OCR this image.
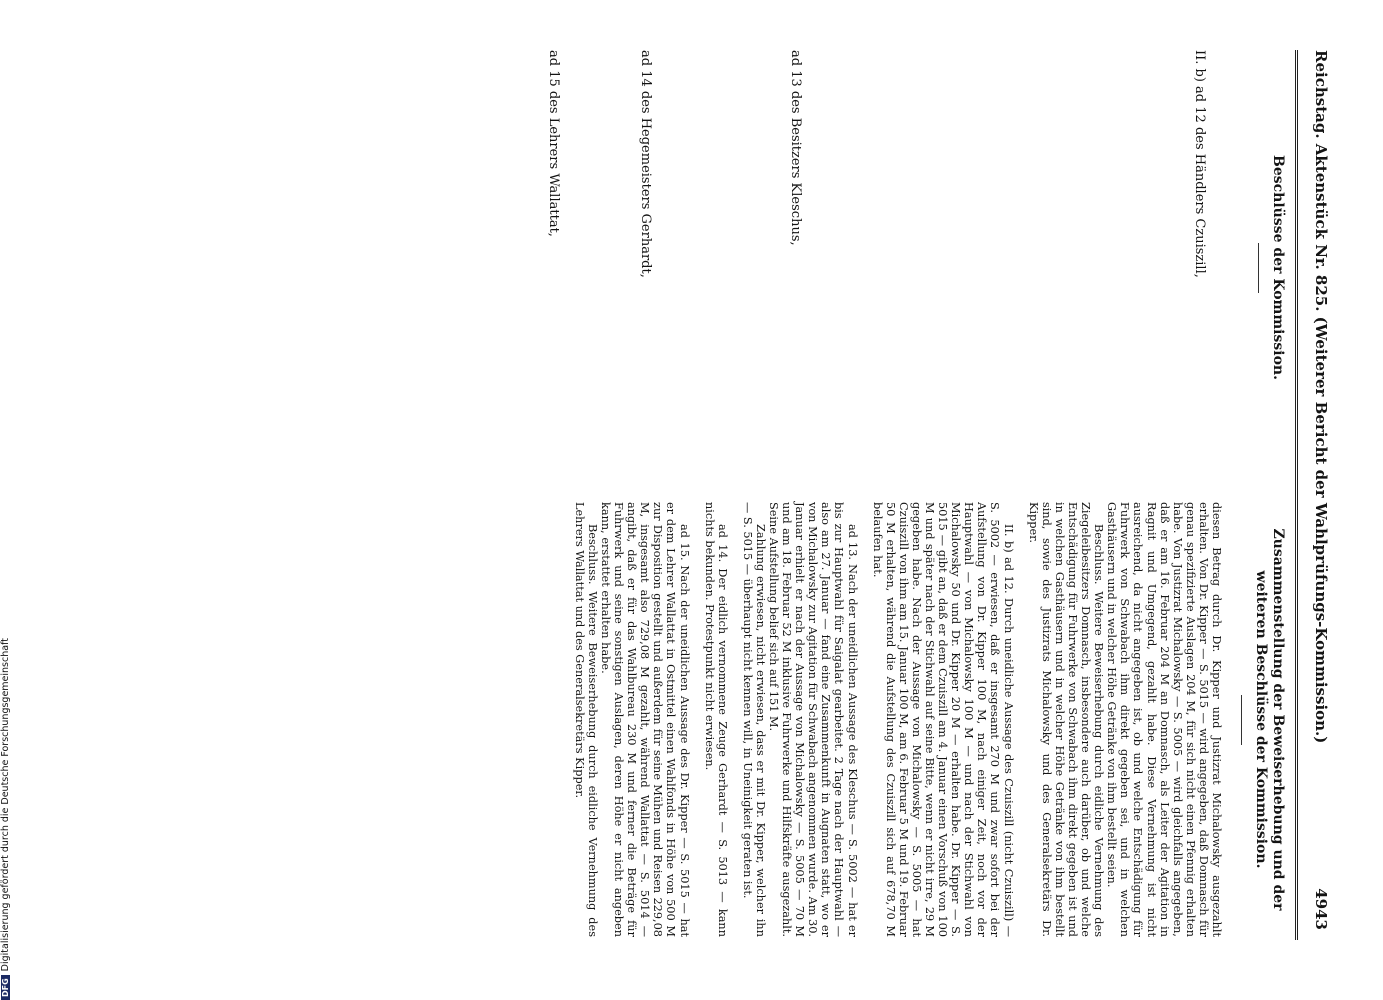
Reichstag. Aktenstück Nr. 825. (Weiterer Bericht der Wahlprüfungs-Kommission.)
4943
Beschlüsse der Kommission.
II. b) ad 12 des Händlers Czuiszill,
ad 13 des Besitzers Kleschus,
ad 14 des Hegemeisters Gerhardt,
ad 15 des Lehrers Wallattat,
Zusammenstellung der Beweiserhebung und der weiteren Beschlüsse der Kommission.

diesen Betrag durch Dr. Kipper und Justizrat Michalowsky ausgezahlt erhalten. Von Dr. Kipper — S. 5015 — wird angegeben, daß Domnasch für genau spezifizierte Auslagen 204 M, für sich nicht einen Pfennig erhalten habe. Von Justizrat Michalowsky — S. 5005 — wird gleichfalls angegeben, daß er am 16. Februar 204 M an Domnasch, als Leiter der Agitation in Ragnit und Umgegend, gezahlt habe. Diese Vernehmung ist nicht ausreichend, da nicht angegeben ist, ob und welche Entschädigung für Fuhrwerk von Schwabach ihm direkt gegeben sei, und in welchen Gasthäusern und in welcher Höhe Getränke von ihm bestellt seien.

Beschluss. Weitere Beweiserhebung durch eidliche Vernehmung des Ziegeleibesitzers Domnasch, insbesondere auch darüber, ob und welche Entschädigung für Fuhrwerke von Schwabach ihm direkt gegeben ist und in welchen Gasthäusern und in welcher Höhe Getränke von ihm bestellt sind, sowie des Justizrats Michalowsky und des Generalsekretärs Dr. Kipper.

II. b) ad 12. Durch uneidliche Aussage des Czuiszill (nicht Czuiszill) — S. 5002 — erwiesen, daß er insgesamt 270 M und zwar sofort bei der Aufstellung von Dr. Kipper 100 M, nach einiger Zeit, noch vor der Hauptwahl — von Michalowsky 100 M — und nach der Stichwahl von Michalowsky 50 und Dr. Kipper 20 M — erhalten habe. Dr. Kipper — S. 5015 — gibt an, daß er dem Czuiszill am 4. Januar einen Vorschuß von 100 M und später nach der Stichwahl auf seine Bitte, wenn er nicht irre, 29 M gegeben habe. Nach der Aussage von Michalowsky — S. 5005 — hat Czuiszill von ihm am 15. Januar 100 M, am 6. Februar 5 M und 19. Februar 50 M erhalten, während die Aufstellung des Czuiszill sich auf 678,70 M belaufen hat.

ad 13. Nach der uneidlichen Aussage des Kleschus — S. 5002 — hat er bis zur Hauptwahl für Saigalat gearbeitet. 2 Tage nach der Hauptwahl — also am 27. Januar — fand eine Zusammenkunft in Augnaten statt, wo er von Michalowsky zur Agitation für Schwabach angenommen wurde. Am 30. Januar erhielt er nach der Aussage von Michalowsky — S. 5005 — 70 M und am 18. Februar 52 M inklusive Fuhrwerke und Hilfskräfte ausgezahlt. Seine Aufstellung belief sich auf 151 M.

Zahlung erwiesen, nicht erwiesen, dass er mit Dr. Kipper, welcher ihn — S. 5015 — überhaupt nicht kennen will, in Uneinigkeit geraten ist.

ad 14. Der eidlich vernommene Zeuge Gerhardt — S. 5013 — kann nichts bekunden. Protestpunkt nicht erwiesen.

ad 15. Nach der uneidlichen Aussage des Dr. Kipper — S. 5015 — hat er dem Lehrer Wallattat in Ostmittel einen Wahlfonds in Höhe von 500 M zur Disposition gestellt und außerdem für seine Mühen und Reisen 229,08 M, insgesamt also 729,08 M gezahlt, während Wallattat — S. 5014 — angibt, daß er für das Wahlbureau 230 M und ferner die Beträge für Fuhrwerk und seine sonstigen Auslagen, deren Höhe er nicht angeben kann, erstattet erhalten habe.

Beschluss. Weitere Beweiserhebung durch eidliche Vernehmung des Lehrers Wallattat und des Generalsekretärs Kipper.

DFGDigitalisierung gefördert durch die Deutsche Forschungsgemeinschaft
